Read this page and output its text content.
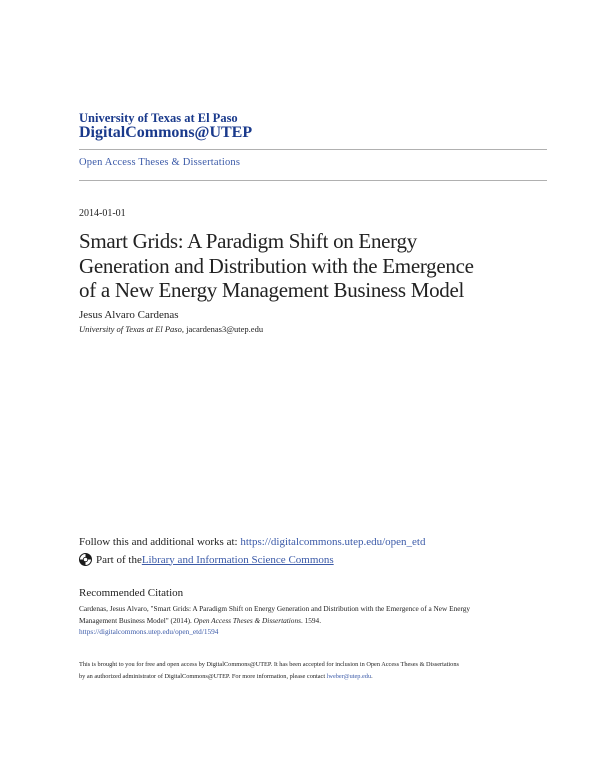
University of Texas at El Paso
DigitalCommons@UTEP
Open Access Theses & Dissertations
2014-01-01
Smart Grids: A Paradigm Shift on Energy
Generation and Distribution with the Emergence
of a New Energy Management Business Model
Jesus Alvaro Cardenas
University of Texas at El Paso, jacardenas3@utep.edu
Follow this and additional works at: https://digitalcommons.utep.edu/open_etd
Part of the Library and Information Science Commons
Recommended Citation
Cardenas, Jesus Alvaro, "Smart Grids: A Paradigm Shift on Energy Generation and Distribution with the Emergence of a New Energy
Management Business Model" (2014). Open Access Theses & Dissertations. 1594.
https://digitalcommons.utep.edu/open_etd/1594
This is brought to you for free and open access by DigitalCommons@UTEP. It has been accepted for inclusion in Open Access Theses & Dissertations
by an authorized administrator of DigitalCommons@UTEP. For more information, please contact lweber@utep.edu.
